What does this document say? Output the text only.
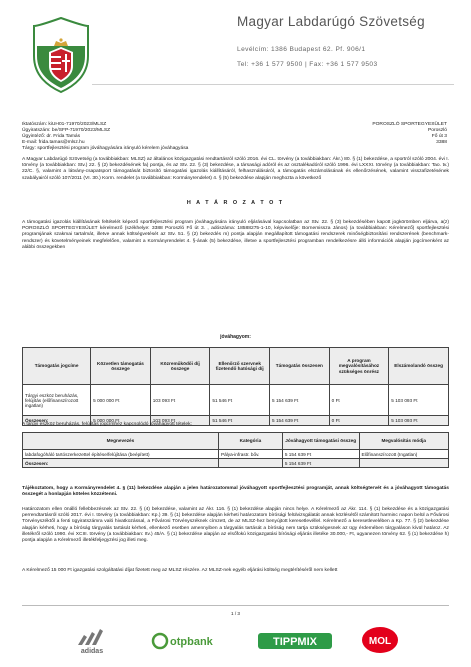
Magyar Labdarúgó Szövetség
Levélcím: 1386 Budapest 62. Pf. 906/1
Tel: +36 1 577 9500 | Fax: +36 1 577 9503
Iktatószám: kiUH01-71970/2023/MLSZ
Ügyiratszám: be/SFP-71970/2023/MLSZ
Ügyintéző: dr. Frida Tamás
E-mail: frida.tamas@mlsz.hu
Tárgy: sportfejlesztési program jóváhagyására irányuló kérelem jóváhagyása
POROSZLÓ SPORTEGYESÜLET
Poroszló
Fő út 3
3388
A Magyar Labdarúgó Szövetség (a továbbiakban: MLSZ) az általános közigazgatási rendtartásról szóló 2016. évi CL. törvény (a továbbiakban: Ákr.) 80. § (1) bekezdése, a sportról szóló 2004. évi I. törvény (a továbbiakban: Stv.) 22. § (2) bekezdésének fa) pontja, és az Stv. 22. § (3) bekezdése, a társasági adóról és az osztalékadóról szóló 1996. évi LXXXI. törvény (a továbbiakban: Tao. tv.) 22/C. §, valamint a látvány-csapatsport támogatását biztosító támogatási igazolás kiállításáról, felhasználásáról, a támogatás elszámolásának és ellenőrzésének, valamint visszafizetésének szabályairól szóló 107/2011 (VI. 30.) Korm. rendelet (a továbbiakban: Kormányrendelet) 4. § (5) bekezdése alapján meghozta a következő
H A T Á R O Z A T O T
A támogatási igazolás kiállításának feltételét képező sportfejlesztési program jóváhagyására irányuló eljárásával kapcsolatban az Stv. 22. § (3) bekezdésében kapott jogkörömben eljárva, a(z) POROSZLÓ SPORTEGYESÜLET kérelmező (székhelye: 3388 Poroszló Fő út 3. , adószáma: 18588275-1-10, képviselője: Bornemissza János) (a továbbiakban: Kérelmező) sportfejlesztési programjának szakmai tartalmát, illetve annak költségvetését az Stv. 51. § (2) bekezdés m) pontja alapján megállapított támogatási rendszerek minőségbiztosítási rendszerének (benchmark-rendszer) és követelményeinek megfelelően, valamint a Kormányrendelet 4. §-ának (5) bekezdése, illetve a sportfejlesztési programban rendelkezésre álló információk alapján jogcímenként az alábbi összegekben
jóváhagyom:
Támogatás jogcíme	Közvetlen támogatás összege	Közreműködői díj összege	Ellenőrző szervnek fizetendő hatósági díj	Támogatás összesen	A program megvalósításához szükséges önrész	Elszámolandó összeg
Tárgyi eszköz beruházás, felújítás (előfinanszírozott ingatlan)	5 000 000 Ft	103 093 Ft	51 546 Ft	5 154 639 Ft	0 Ft	5 103 093 Ft
Összesen:	5 000 000 Ft	103 093 Ft	51 546 Ft	5 154 639 Ft	0 Ft	5 103 093 Ft
A tárgyi eszköz beruházás, felújítás jogcímhez kapcsolódó jóváhagyott tételek:
Megnevezés	Kategória	Jóváhagyott támogatási összeg	Megvalósítás módja
labdafogóháló tartószerkezettel építése/felújítása (beépített)	Pálya-infrastr. bőv.	5 154 639 Ft	Előfinanszírozott (Ingatlan)
Összesen:		5 154 639 Ft	
Tájékoztatom, hogy a Kormányrendelet 4. § (11) bekezdése alapján a jelen határozatommal jóváhagyott sportfejlesztési programját, annak költségtervét és a jóváhagyott támogatás összegét a honlapján köteles közzétenni.
Határozatom ellen önálló fellebbezésnek az Stv. 22. § (4) bekezdése, valamint az Ákr. 116. § (1) bekezdése alapján nincs helye. A Kérelmező az Ákr. 114. § (1) bekezdése és a közigazgatási perrendtartásról szóló 2017. évi I. törvény (a továbbiakban: Kp.) 39. § (1) bekezdése alapján kérheti határozatom bírósági felülvizsgálatát annak közlésétől számított harminc napon belül a Fővárosi Törvényszéktől a fenti ügyiratszámra való hivatkozással, a Fővárosi Törvényszéknek címzett, de az MLSZ-hez benyújtott keresetlevéllel. Kérelmező a keresetlevelében a Kp. 77. § (2) bekezdése alapján kérheti, hogy a bíróság tárgyalás tartását kérheti, ellenkező esetben amennyiben a tárgyalás tartását a bíróság nem tartja szükségesnek az ügy érdemében tárgyaláson kívül határoz. Az illetékről szóló 1990. évi XCIII. törvény (a továbbiakban: Itv.) 45/A. § (1) bekezdése alapján az elsőfokú közigazgatási bírósági eljárás illetéke 30.000,- Ft, ugyanezen törvény 62. § (1) bekezdése h) pontja alapján a Kérelmező illetékfeljegyzési jog illeti meg.
A Kérelmező 15 000 Ft igazgatási szolgáltatási díjat fizetett meg az MLSZ részére. Az MLSZ-nek egyéb eljárási költség megtérítéséről nem kellett
1 / 3
adidas
otpbank	TIPPMIX	MOL
